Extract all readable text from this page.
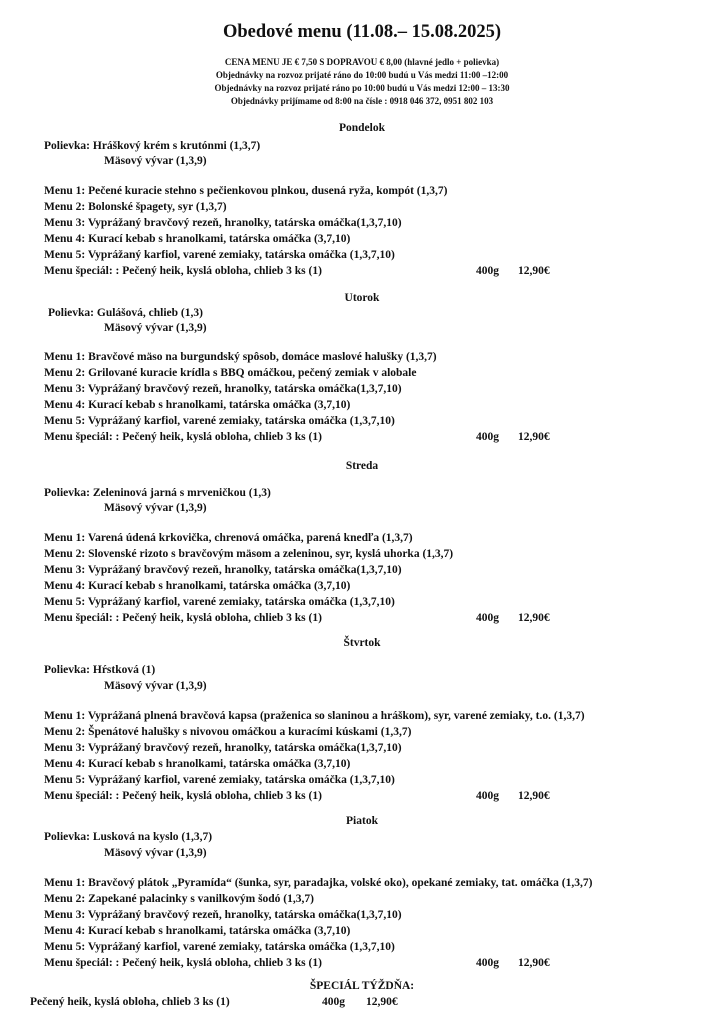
Obedové menu (11.08.– 15.08.2025)
CENA MENU JE € 7,50 S DOPRAVOU € 8,00 (hlavné jedlo + polievka)
Objednávky na rozvoz prijaté ráno do 10:00 budú u Vás medzi 11:00 –12:00
Objednávky na rozvoz prijaté ráno po 10:00 budú u Vás medzi 12:00 – 13:30
Objednávky prijímame od 8:00 na čísle : 0918 046 372, 0951 802 103
Pondelok
Polievka: Hráškový krém s krutónmi (1,3,7)
Mäsový vývar (1,3,9)
Menu 1: Pečené kuracie stehno s pečienkovou plnkou, dusená ryža, kompót (1,3,7)
Menu 2: Bolonské špagety, syr (1,3,7)
Menu 3: Vyprážaný bravčový rezeň, hranolky, tatárska omáčka(1,3,7,10)
Menu 4: Kurací kebab s hranolkami, tatárska omáčka (3,7,10)
Menu 5: Vyprážaný karfiol, varené zemiaky, tatárska omáčka (1,3,7,10)
Menu špeciál: : Pečený heik, kyslá obloha, chlieb 3 ks (1)	400g 12,90€
Utorok
Polievka: Gulášová, chlieb (1,3)
Mäsový vývar (1,3,9)
Menu 1: Bravčové mäso na burgundský spôsob, domáce maslové halušky (1,3,7)
Menu 2: Grilované kuracie krídla s BBQ omáčkou, pečený zemiak v alobale
Menu 3: Vyprážaný bravčový rezeň, hranolky, tatárska omáčka(1,3,7,10)
Menu 4: Kurací kebab s hranolkami, tatárska omáčka (3,7,10)
Menu 5: Vyprážaný karfiol, varené zemiaky, tatárska omáčka (1,3,7,10)
Menu špeciál: : Pečený heik, kyslá obloha, chlieb 3 ks (1)	400g 12,90€
Streda
Polievka: Zeleninová jarná s mrveničkou (1,3)
Mäsový vývar (1,3,9)
Menu 1: Varená údená krkovička, chrenová omáčka, parená knedľa (1,3,7)
Menu 2: Slovenské rizoto s bravčovým mäsom a zeleninou, syr, kyslá uhorka (1,3,7)
Menu 3: Vyprážaný bravčový rezeň, hranolky, tatárska omáčka(1,3,7,10)
Menu 4: Kurací kebab s hranolkami, tatárska omáčka (3,7,10)
Menu 5: Vyprážaný karfiol, varené zemiaky, tatárska omáčka (1,3,7,10)
Menu špeciál: : Pečený heik, kyslá obloha, chlieb 3 ks (1)	400g 12,90€
Štvrtok
Polievka: Hŕstková (1)
Mäsový vývar (1,3,9)
Menu 1: Vyprážaná plnená bravčová kapsa (praženica so slaninou a hráškom), syr, varené zemiaky, t.o. (1,3,7)
Menu 2: Špenátové halušky s nivovou omáčkou a kuracími kúskami (1,3,7)
Menu 3: Vyprážaný bravčový rezeň, hranolky, tatárska omáčka(1,3,7,10)
Menu 4: Kurací kebab s hranolkami, tatárska omáčka (3,7,10)
Menu 5: Vyprážaný karfiol, varené zemiaky, tatárska omáčka (1,3,7,10)
Menu špeciál: : Pečený heik, kyslá obloha, chlieb 3 ks (1)	400g 12,90€
Piatok
Polievka: Lusková na kyslo (1,3,7)
Mäsový vývar (1,3,9)
Menu 1: Bravčový plátok „Pyramída“ (šunka, syr, paradajka, volské oko), opekané zemiaky, tat. omáčka (1,3,7)
Menu 2: Zapekané palacinky s vanilkovým šodó (1,3,7)
Menu 3: Vyprážaný bravčový rezeň, hranolky, tatárska omáčka(1,3,7,10)
Menu 4: Kurací kebab s hranolkami, tatárska omáčka (3,7,10)
Menu 5: Vyprážaný karfiol, varené zemiaky, tatárska omáčka (1,3,7,10)
Menu špeciál: : Pečený heik, kyslá obloha, chlieb 3 ks (1)	400g 12,90€
ŠPECIÁL TÝŽDŇA:
Pečený heik, kyslá obloha, chlieb 3 ks (1)	400g 12,90€
